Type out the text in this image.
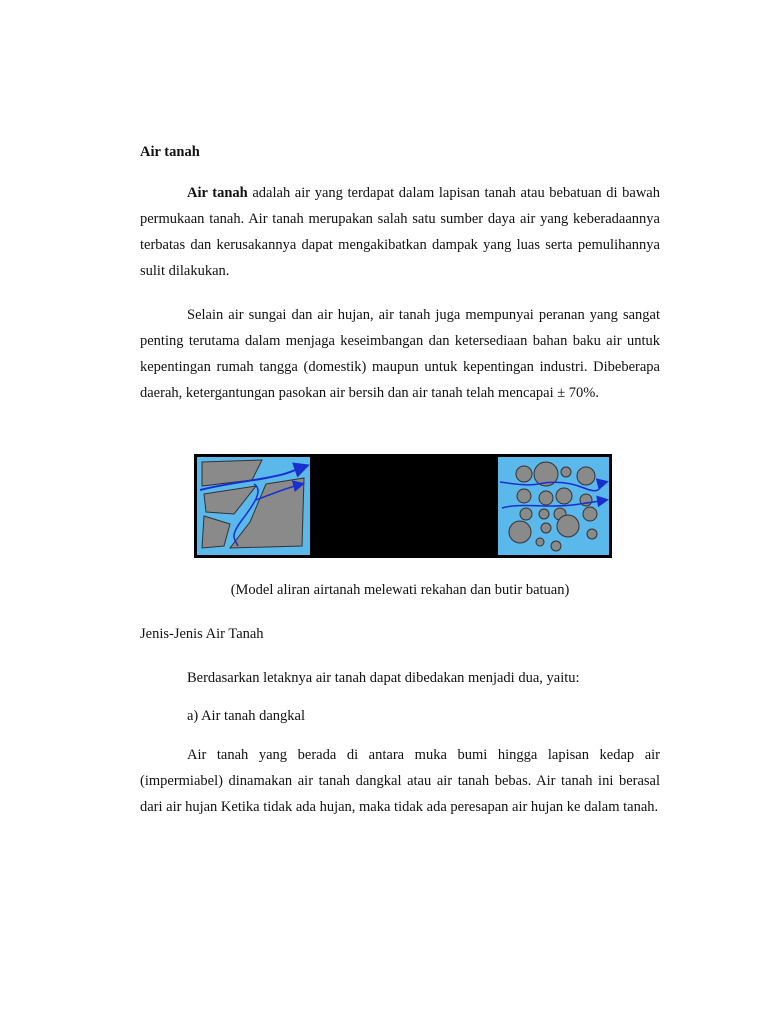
Air tanah
Air tanah adalah air yang terdapat dalam lapisan tanah atau bebatuan di bawah permukaan tanah. Air tanah merupakan salah satu sumber daya air yang keberadaannya terbatas dan kerusakannya dapat mengakibatkan dampak yang luas serta pemulihannya sulit dilakukan.
Selain air sungai dan air hujan, air tanah juga mempunyai peranan yang sangat penting terutama dalam menjaga keseimbangan dan ketersediaan bahan baku air untuk kepentingan rumah tangga (domestik) maupun untuk kepentingan industri. Dibeberapa daerah, ketergantungan pasokan air bersih dan air tanah telah mencapai ± 70%.
(Model aliran airtanah melewati rekahan dan butir batuan)
Jenis-Jenis Air Tanah
Berdasarkan letaknya air tanah dapat dibedakan menjadi dua, yaitu:
a) Air tanah dangkal
Air tanah yang berada di antara muka bumi hingga lapisan kedap air (impermiabel) dinamakan air tanah dangkal atau air tanah bebas. Air tanah ini berasal dari air hujan Ketika tidak ada hujan, maka tidak ada peresapan air hujan ke dalam tanah.
